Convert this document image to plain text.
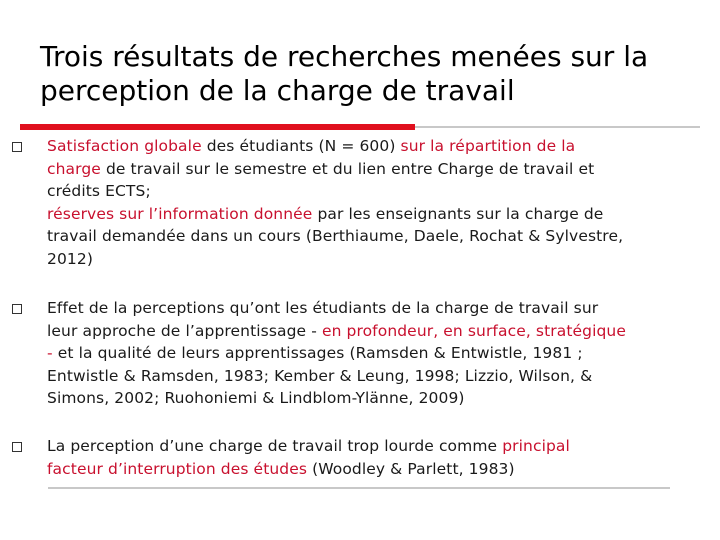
Trois résultats de recherches menées sur la
perception de la charge de travail
Satisfaction globale des étudiants (N = 600) sur la répartition de la
charge de travail sur le semestre et du lien entre Charge de travail et
crédits ECTS;
réserves sur l’information donnée par les enseignants sur la charge de
travail demandée dans un cours (Berthiaume, Daele, Rochat & Sylvestre,
2012)
Effet de la perceptions qu’ont les étudiants de la charge de travail sur
leur approche de l’apprentissage - en profondeur, en surface, stratégique
- et la qualité de leurs apprentissages (Ramsden & Entwistle, 1981 ;
Entwistle & Ramsden, 1983; Kember & Leung, 1998; Lizzio, Wilson, &
Simons, 2002; Ruohoniemi & Lindblom-Ylänne, 2009)
La perception d’une charge de travail trop lourde comme principal
facteur d’interruption des études (Woodley & Parlett, 1983)
